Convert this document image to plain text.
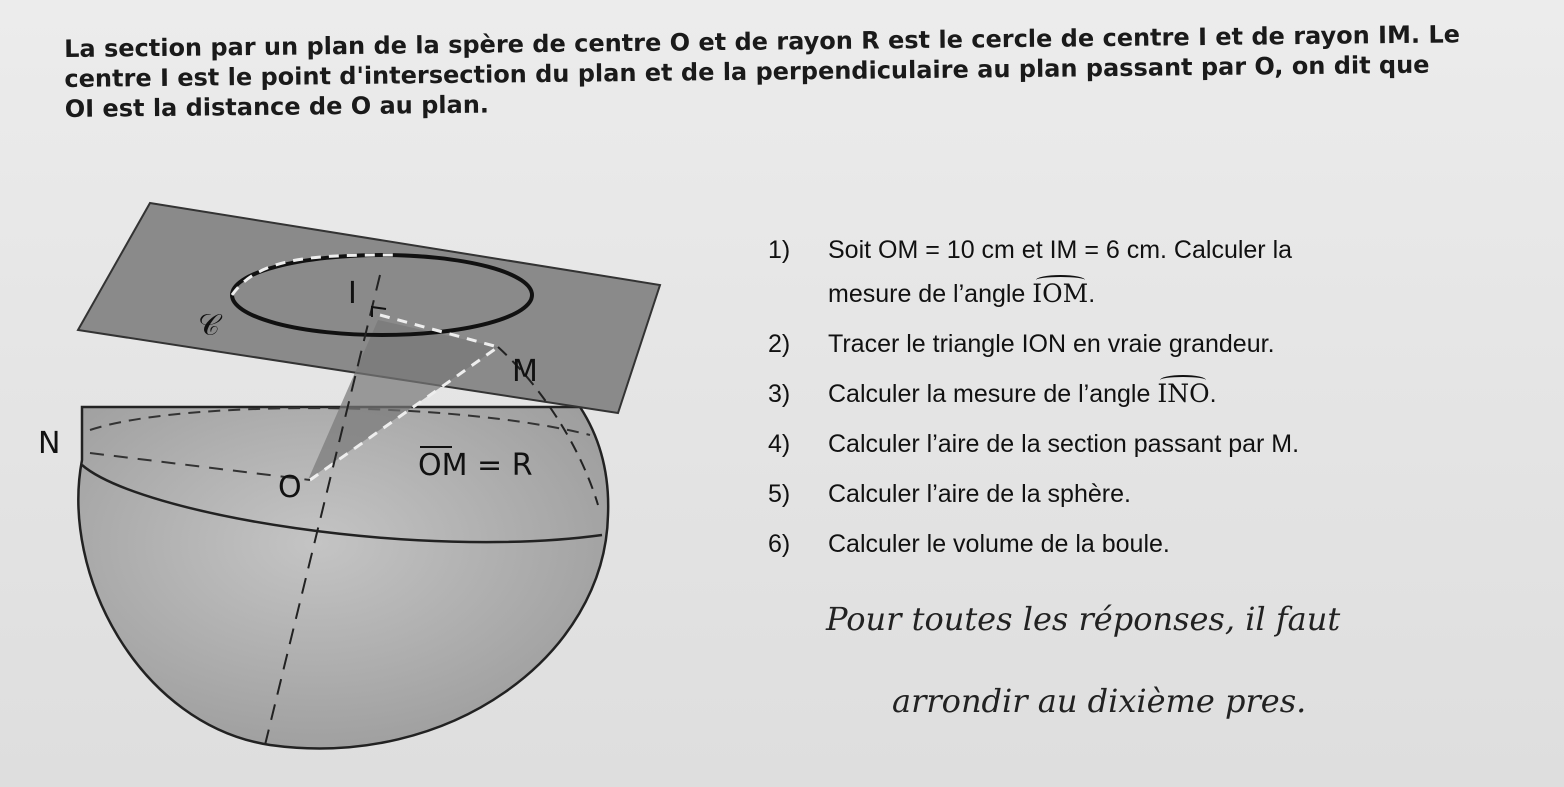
La section par un plan de la spère de centre O et de rayon R est le cercle de centre I et de rayon IM. Le

centre I est le point d'intersection du plan et de la perpendiculaire au plan passant par O, on dit que

OI est la distance de O au plan.

𝒞
I
M
N
O
OM = R
1) Soit OM = 10 cm et IM = 6 cm. Calculer la
mesure de l’angle IOM.
2) Tracer le triangle ION en vraie grandeur.
3) Calculer la mesure de l’angle INO.
4) Calculer l’aire de la section passant par M.
5) Calculer l’aire de la sphère.
6) Calculer le volume de la boule.
Pour toutes les réponses, il faut
arrondir au dixième pres.
